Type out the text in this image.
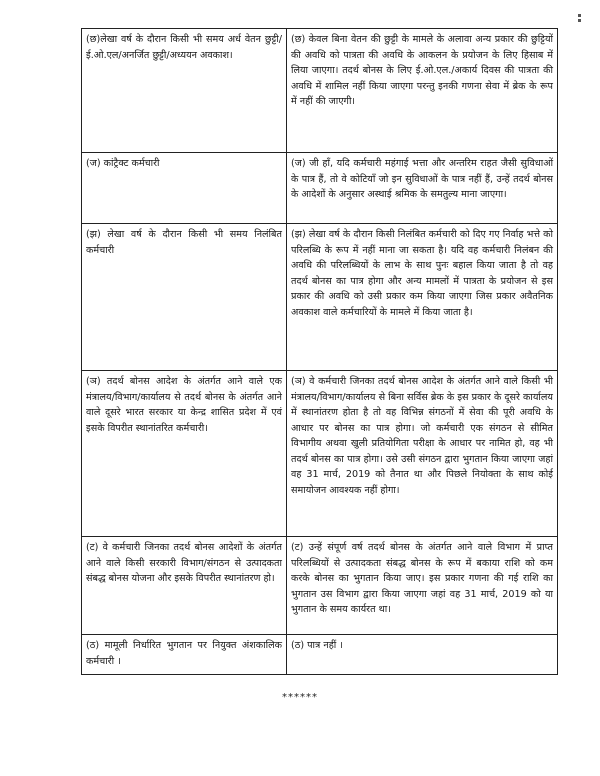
(छ)लेखा वर्ष के दौरान किसी भी समय अर्ध वेतन छुट्टी/ई.ओ.एल/अनर्जित छुट्टी/अध्ययन अवकाश।	(छ) केवल बिना वेतन की छुट्टी के मामले के अलावा अन्य प्रकार की छुट्टियों की अवधि को पात्रता की अवधि के आकलन के प्रयोजन के लिए हिसाब में लिया जाएगा। तदर्थ बोनस के लिए ई.ओ.एल./अकार्य दिवस की पात्रता की अवधि में शामिल नहीं किया जाएगा परन्तु इनकी गणना सेवा में ब्रेक के रूप में नहीं की जाएगी।
(ज) कांट्रैक्ट कर्मचारी	(ज) जी हाँ, यदि कर्मचारी महंगाई भत्ता और अन्तरिम राहत जैसी सुविधाओं के पात्र हैं, तो वे कोटियाँ जो इन सुविधाओं के पात्र नहीं हैं, उन्हें तदर्थ बोनस के आदेशों के अनुसार अस्थाई श्रमिक के समतुल्य माना जाएगा।
(झ) लेखा वर्ष के दौरान किसी भी समय निलंबित कर्मचारी	(झ) लेखा वर्ष के दौरान किसी निलंबित कर्मचारी को दिए गए निर्वाह भत्ते को परिलब्धि के रूप में नहीं माना जा सकता है। यदि वह कर्मचारी निलंबन की अवधि की परिलब्धियों के लाभ के साथ पुनः बहाल किया जाता है तो वह तदर्थ बोनस का पात्र होगा और अन्य मामलों में पात्रता के प्रयोजन से इस प्रकार की अवधि को उसी प्रकार कम किया जाएगा जिस प्रकार अवैतनिक अवकाश वाले कर्मचारियों के मामले में किया जाता है।
(ञ) तदर्थ बोनस आदेश के अंतर्गत आने वाले एक मंत्रालय/विभाग/कार्यालय से तदर्थ बोनस के अंतर्गत आने वाले दूसरे भारत सरकार या केन्द्र शासित प्रदेश में एवं इसके विपरीत स्थानांतरित कर्मचारी।	(ञ) वे कर्मचारी जिनका तदर्थ बोनस आदेश के अंतर्गत आने वाले किसी भी मंत्रालय/विभाग/कार्यालय से बिना सर्विस ब्रेक के इस प्रकार के दूसरे कार्यालय में स्थानांतरण होता है तो वह विभिन्न संगठनों में सेवा की पूरी अवधि के आधार पर बोनस का पात्र होगा। जो कर्मचारी एक संगठन से सीमित विभागीय अथवा खुली प्रतियोगिता परीक्षा के आधार पर नामित हो, वह भी तदर्थ बोनस का पात्र होगा। उसे उसी संगठन द्वारा भुगतान किया जाएगा जहां वह 31 मार्च, 2019 को तैनात था और पिछले नियोक्ता के साथ कोई समायोजन आवश्यक नहीं होगा।
(ट) वे कर्मचारी जिनका तदर्थ बोनस आदेशों के अंतर्गत आने वाले किसी सरकारी विभाग/संगठन से उत्पादकता संबद्ध बोनस योजना और इसके विपरीत स्थानांतरण हो।	(ट) उन्हें संपूर्ण वर्ष तदर्थ बोनस के अंतर्गत आने वाले विभाग में प्राप्त परिलब्धियों से उत्पादकता संबद्ध बोनस के रूप में बकाया राशि को कम करके बोनस का भुगतान किया जाए। इस प्रकार गणना की गई राशि का भुगतान उस विभाग द्वारा किया जाएगा जहां वह 31 मार्च, 2019 को या भुगतान के समय कार्यरत था।
(ठ) मामूली निर्धारित भुगतान पर नियुक्त अंशकालिक कर्मचारी ।	(ठ) पात्र नहीं ।
******
